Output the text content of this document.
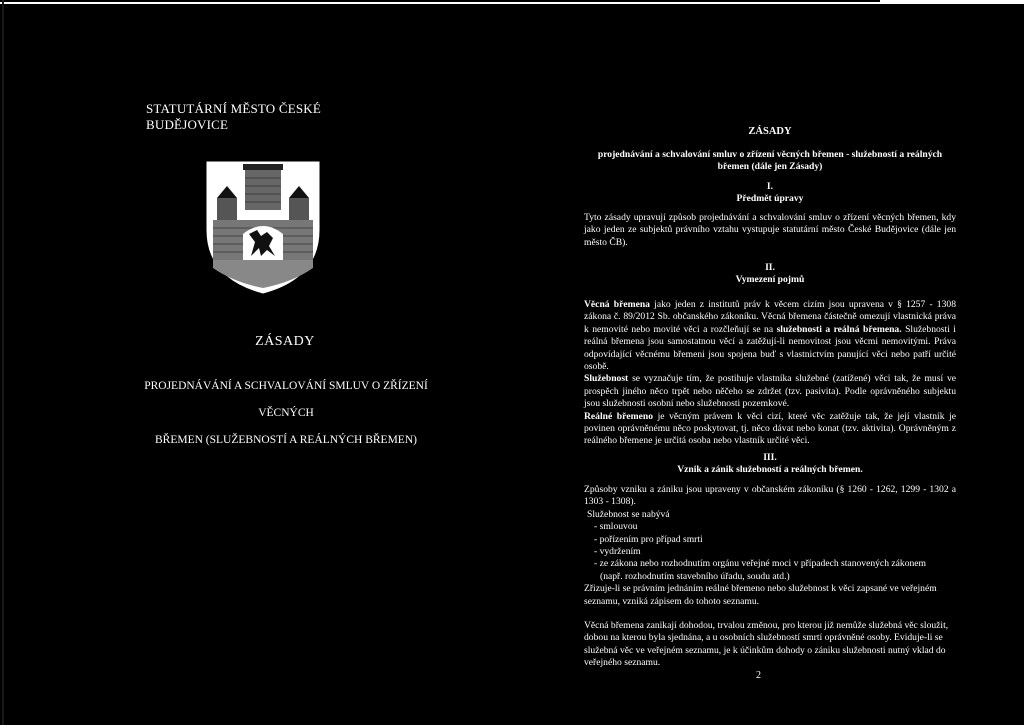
STATUTÁRNÍ MĚSTO ČESKÉ BUDĚJOVICE
ZÁSADY
PROJEDNÁVÁNÍ A SCHVALOVÁNÍ SMLUV O ZŘÍZENÍ VĚCNÝCH
BŘEMEN (SLUŽEBNOSTÍ A REÁLNÝCH BŘEMEN)
ZÁSADY
projednávání a schvalování smluv o zřízení věcných břemen - služebností a reálných břemen (dále jen Zásady)
I.
Předmět úpravy
Tyto zásady upravují způsob projednávání a schvalování smluv o zřízení věcných břemen, kdy jako jeden ze subjektů právního vztahu vystupuje statutární město České Budějovice (dále jen město ČB).
II.
Vymezení pojmů
Věcná břemena jako jeden z institutů práv k věcem cizím jsou upravena v § 1257 - 1308 zákona č. 89/2012 Sb. občanského zákoníku. Věcná břemena částečně omezují vlastnická práva k nemovité nebo movité věci a rozčleňují se na služebnosti a reálná břemena. Služebnosti i reálná břemena jsou samostatnou věcí a zatěžují-li nemovitost jsou věcmi nemovitými. Práva odpovídající věcnému břemeni jsou spojena buď s vlastnictvím panující věci nebo patří určité osobě.
Služebnost se vyznačuje tím, že postihuje vlastníka služebné (zatížené) věci tak, že musí ve prospěch jiného něco trpět nebo něčeho se zdržet (tzv. pasivita). Podle oprávněného subjektu jsou služebnosti osobní nebo služebnosti pozemkové.
Reálné břemeno je věcným právem k věci cizí, které věc zatěžuje tak, že její vlastník je povinen oprávněnému něco poskytovat, tj. něco dávat nebo konat (tzv. aktivita). Oprávněným z reálného břemene je určitá osoba nebo vlastník určité věci.
III.
Vznik a zánik služebností a reálných břemen.
Způsoby vzniku a zániku jsou upraveny v občanském zákoníku (§ 1260 - 1262, 1299 - 1302 a 1303 - 1308).
Služebnost se nabývá
- smlouvou
- pořízením pro případ smrti
- vydržením
- ze zákona nebo rozhodnutím orgánu veřejné moci v případech stanovených zákonem
(např. rozhodnutím stavebního úřadu, soudu atd.)
Zřizuje-li se právním jednáním reálné břemeno nebo služebnost k věci zapsané ve veřejném seznamu, vzniká zápisem do tohoto seznamu.
Věcná břemena zanikají dohodou, trvalou změnou, pro kterou již nemůže služebná věc sloužit, dobou na kterou byla sjednána, a u osobních služebností smrtí oprávněné osoby. Eviduje-li se služebná věc ve veřejném seznamu, je k účinkům dohody o zániku služebnosti nutný vklad do veřejného seznamu.
2
